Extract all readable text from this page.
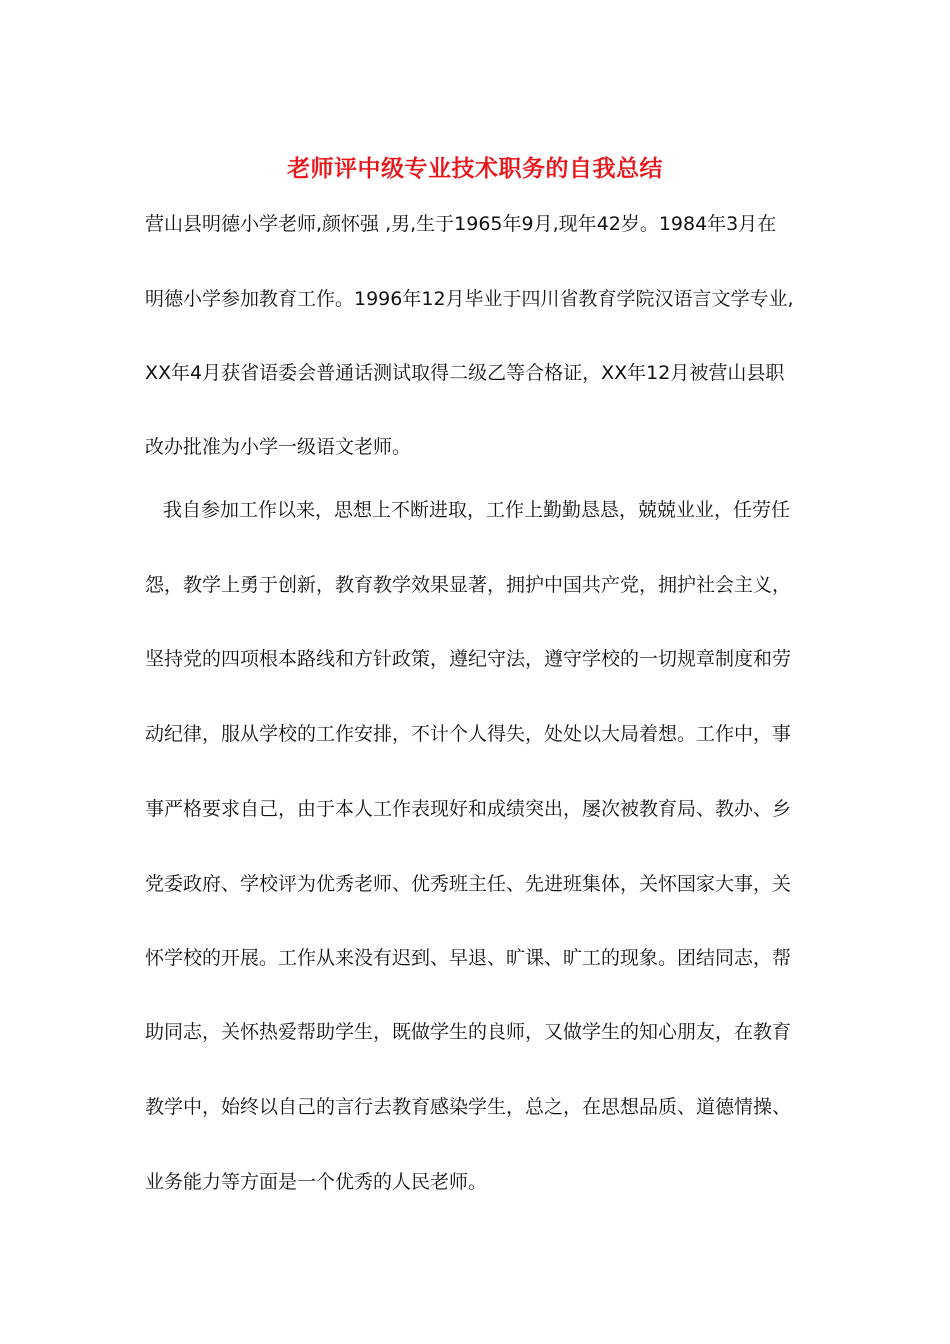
老师评中级专业技术职务的自我总结
营山县明德小学老师,颜怀强 ,男,生于1965年9月,现年42岁。1984年3月在
明德小学参加教育工作。1996年12月毕业于四川省教育学院汉语言文学专业,
XX年4月获省语委会普通话测试取得二级乙等合格证，XX年12月被营山县职
改办批准为小学一级语文老师。
我自参加工作以来，思想上不断进取，工作上勤勤恳恳，兢兢业业，任劳任
怨，教学上勇于创新，教育教学效果显著，拥护中国共产党，拥护社会主义，
坚持党的四项根本路线和方针政策，遵纪守法，遵守学校的一切规章制度和劳
动纪律，服从学校的工作安排，不计个人得失，处处以大局着想。工作中，事
事严格要求自己，由于本人工作表现好和成绩突出，屡次被教育局、教办、乡
党委政府、学校评为优秀老师、优秀班主任、先进班集体，关怀国家大事，关
怀学校的开展。工作从来没有迟到、早退、旷课、旷工的现象。团结同志，帮
助同志，关怀热爱帮助学生，既做学生的良师，又做学生的知心朋友，在教育
教学中，始终以自己的言行去教育感染学生，总之，在思想品质、道德情操、
业务能力等方面是一个优秀的人民老师。
